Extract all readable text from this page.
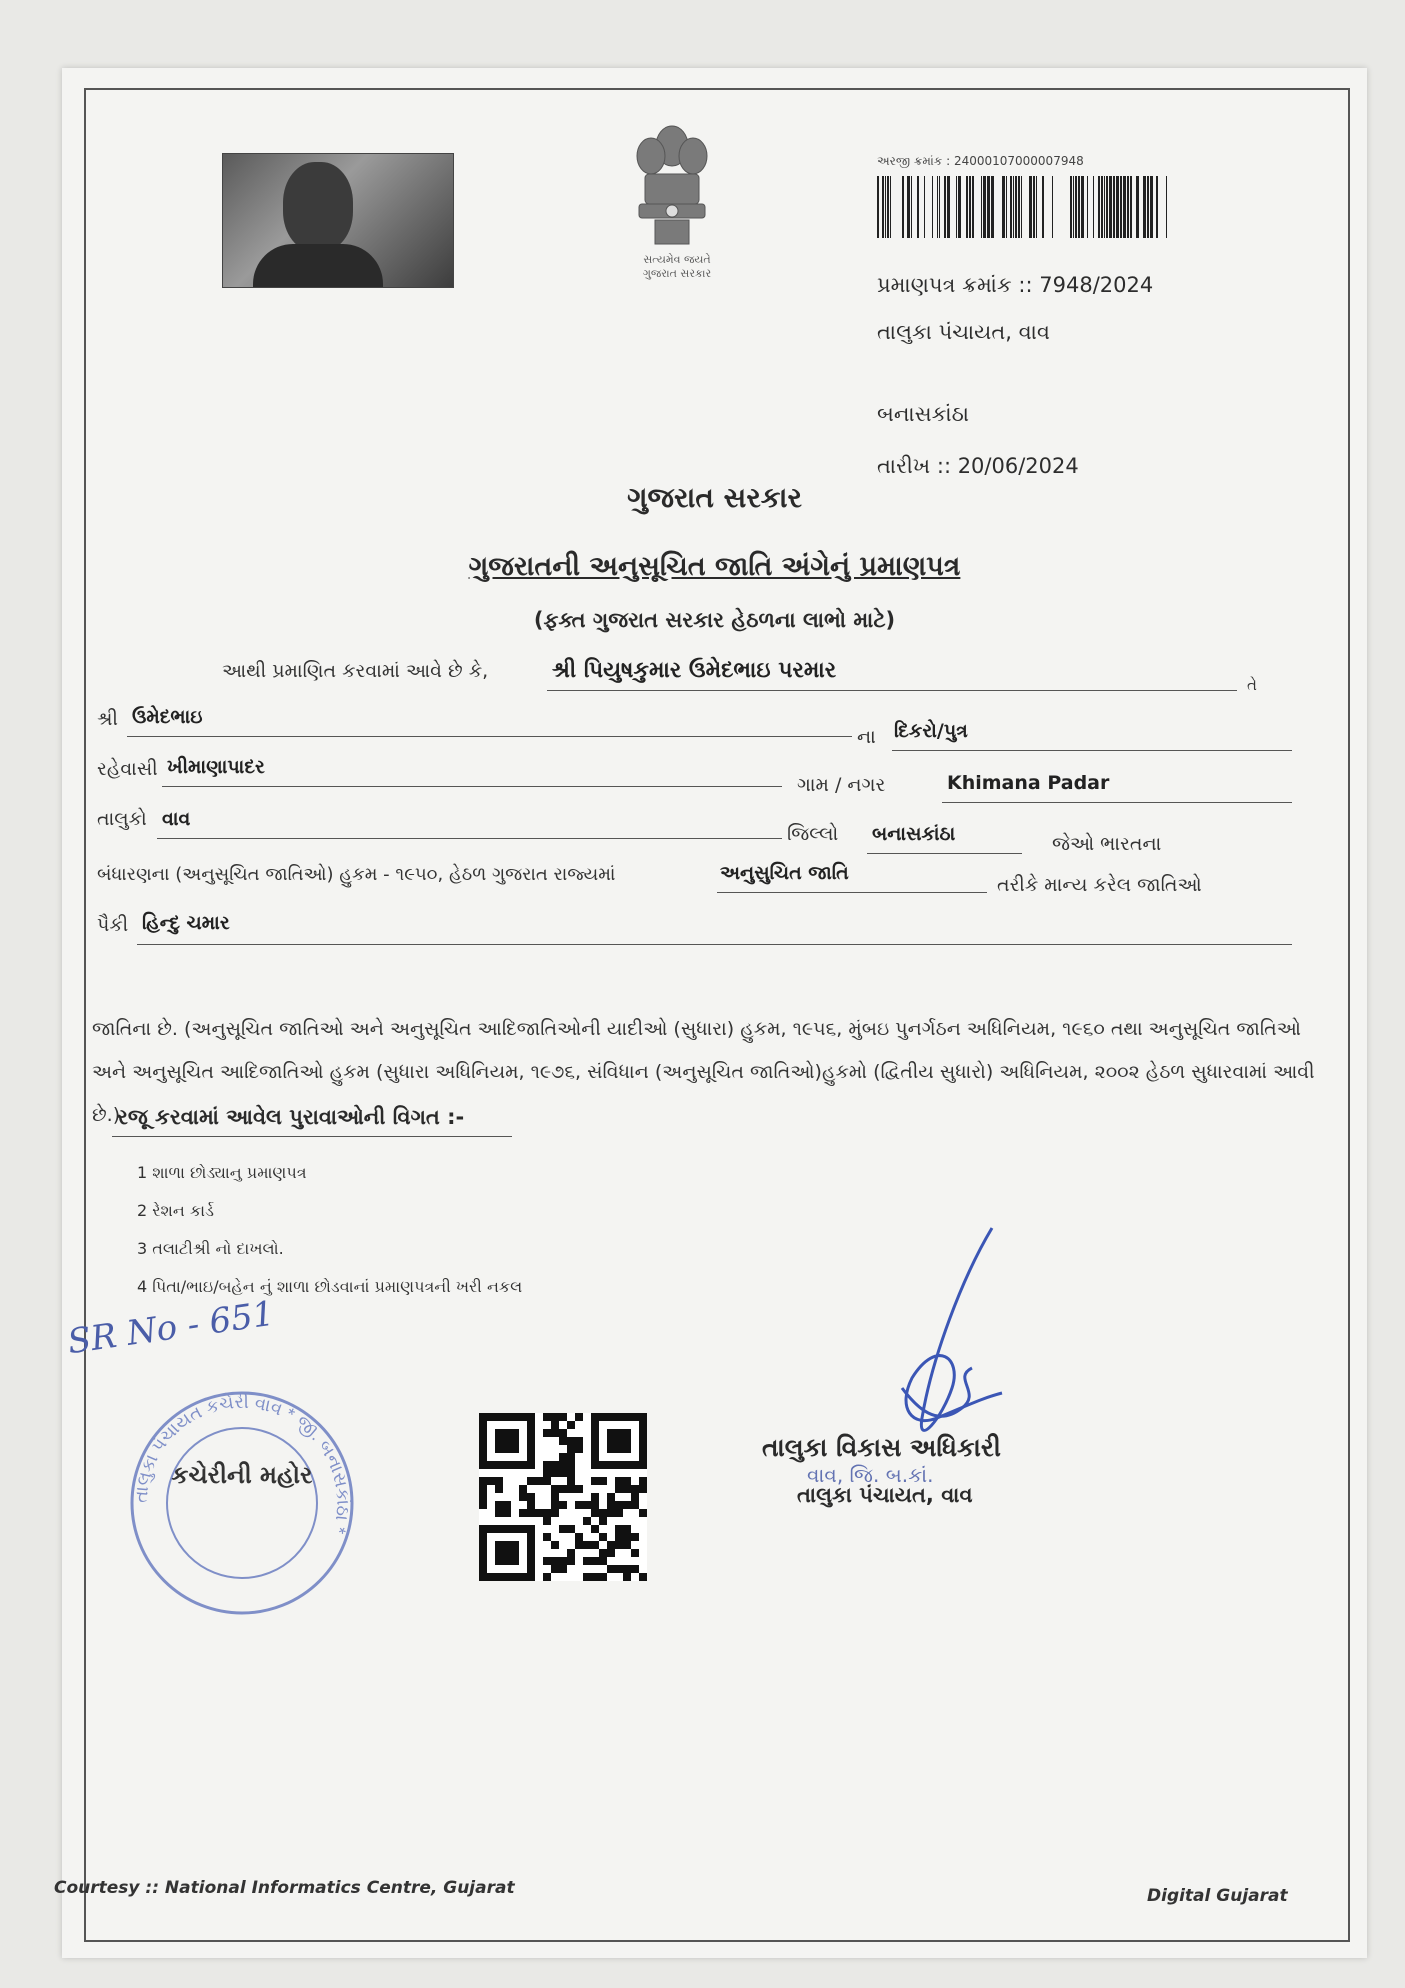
સત્યમેવ જયતે
ગુજરાત સરકાર
અરજી ક્રમાંક : 24000107000007948
પ્રમાણપત્ર ક્રમાંક :: 7948/2024
તાલુકા પંચાયત, વાવ
બનાસકાંઠા
તારીખ :: 20/06/2024
ગુજરાત સરકાર
ગુજરાતની અનુસૂચિત જાતિ અંગેનું પ્રમાણપત્ર
(ફક્ત ગુજરાત સરકાર હેઠળના લાભો માટે)
આથી પ્રમાણિત કરવામાં આવે છે કે,	શ્રી પિયુષકુમાર ઉમેદભાઇ પરમાર
તે
શ્રી ઉમેદભાઇ
ના દિકરો/પુત્ર
રહેવાસી ખીમાણાપાદર
ગામ / નગર	Khimana Padar
તાલુકો વાવ
જિલ્લો બનાસકાંઠા	જેઓ ભારતના
બંધારણના (અનુસૂચિત જાતિઓ) હુકમ - ૧૯૫૦, હેઠળ ગુજરાત રાજ્યમાં	અનુસુચિત જાતિ
તરીકે માન્ય કરેલ જાતિઓ
પૈકી હિન્દુ ચમાર
જાતિના છે. (અનુસૂચિત જાતિઓ અને અનુસૂચિત આદિજાતિઓની યાદીઓ (સુધારા) હુકમ, ૧૯૫૬, મુંબઇ પુનર્ગઠન અધિનિયમ, ૧૯૬૦ તથા અનુસૂચિત જાતિઓ અને અનુસૂચિત આદિજાતિઓ હુકમ (સુધારા અધિનિયમ, ૧૯૭૬, સંવિધાન (અનુસૂચિત જાતિઓ)હુકમો (દ્વિતીય સુધારો) અધિનિયમ, ૨૦૦૨ હેઠળ સુધારવામાં આવી છે.)
રજૂ કરવામાં આવેલ પુરાવાઓની વિગત :-
1 શાળા છોડ્યાનુ પ્રમાણપત્ર
2 રેશન કાર્ડ
3 તલાટીશ્રી નો દાખલો.
4 પિતા/ભાઇ/બહેન નું શાળા છોડવાનાં પ્રમાણપત્રની ખરી નકલ
SR No - 651
તાલુકા પંચાયત કચેરી વાવ * જી. બનાસકાંઠા *
કચેરીની મહોર
તાલુકા વિકાસ અધિકારી
વાવ, જિ. બ.કાં.
તાલુકા પંચાયત, વાવ
Courtesy :: National Informatics Centre, Gujarat	Digital Gujarat
